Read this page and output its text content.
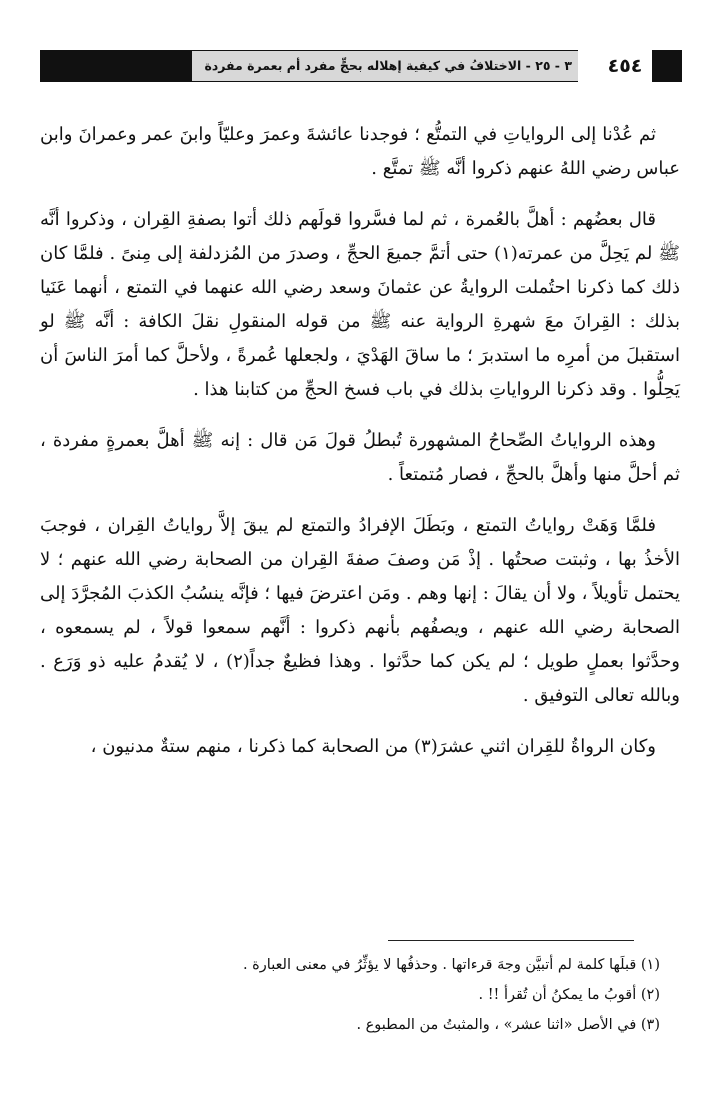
٣ - ٢٥ - الاختلافُ في كيفية إهلاله بحجٍّ مفرد أم بعمرة مفردة	٤٥٤

ثم عُدْنا إلى الرواياتِ في التمتُّع ؛ فوجدنا عائشةَ وعمرَ وعليّاً وابنَ عمر وعمرانَ وابن عباس رضي اللهُ عنهم ذكروا أنَّه ﷺ تمتَّع .

قال بعضُهم : أهلَّ بالعُمرة ، ثم لما فسَّروا قولَهم ذلك أتوا بصفةِ القِران ، وذكروا أنَّه ﷺ لم يَحِلَّ من عمرته(١) حتى أتمَّ جميعَ الحجِّ ، وصدرَ من المُزدلفة إلى مِنىً . فلمَّا كان ذلك كما ذكرنا احتُملت الروايةُ عن عثمانَ وسعد رضي الله عنهما في التمتع ، أنهما عَنَيا بذلك : القِرانَ معَ شهرةِ الرواية عنه ﷺ من قوله المنقولِ نقلَ الكافة : أنَّه ﷺ لو استقبلَ من أمرِه ما استدبرَ ؛ ما ساقَ الهَدْيَ ، ولجعلها عُمرةً ، ولأحلَّ كما أمرَ الناسَ أن يَحِلُّوا . وقد ذكرنا الرواياتِ بذلك في باب فسخ الحجِّ من كتابنا هذا .

وهذه الرواياتُ الصِّحاحُ المشهورة تُبطلُ قولَ مَن قال : إنه ﷺ أهلَّ بعمرةٍ مفردة ، ثم أحلَّ منها وأهلَّ بالحجِّ ، فصار مُتمتعاً .

فلمَّا وَهَتْ رواياتُ التمتع ، وبَطَلَ الإفرادُ والتمتع لم يبقَ إلاَّ رواياتُ القِران ، فوجبَ الأخذُ بها ، وثبتت صحتُها . إذْ مَن وصفَ صفةَ القِران من الصحابة رضي الله عنهم ؛ لا يحتمل تأويلاً ، ولا أن يقالَ : إنها وهم . ومَن اعترضَ فيها ؛ فإنَّه ينسُبُ الكذبَ المُجرَّدَ إلى الصحابة رضي الله عنهم ، ويصفُهم بأنهم ذكروا : أنَّهم سمعوا قولاً ، لم يسمعوه ، وحدَّثوا بعملٍ طويل ؛ لم يكن كما حدَّثوا . وهذا فظيعٌ جداً(٢) ، لا يُقدمُ عليه ذو وَرَع . وبالله تعالى التوفيق .

وكان الرواةُ للقِران اثني عشرَ(٣) من الصحابة كما ذكرنا ، منهم ستةٌ مدنيون ،

(١) قبلَها كلمة لم أتبيَّن وجهَ قرءاتها . وحذفُها لا يؤثِّرُ في معنى العبارة .

(٢) أقوبُ ما يمكنُ أن تُقرأ !! .

(٣) في الأصل «اثنا عشر» ، والمثبتُ من المطبوع .
